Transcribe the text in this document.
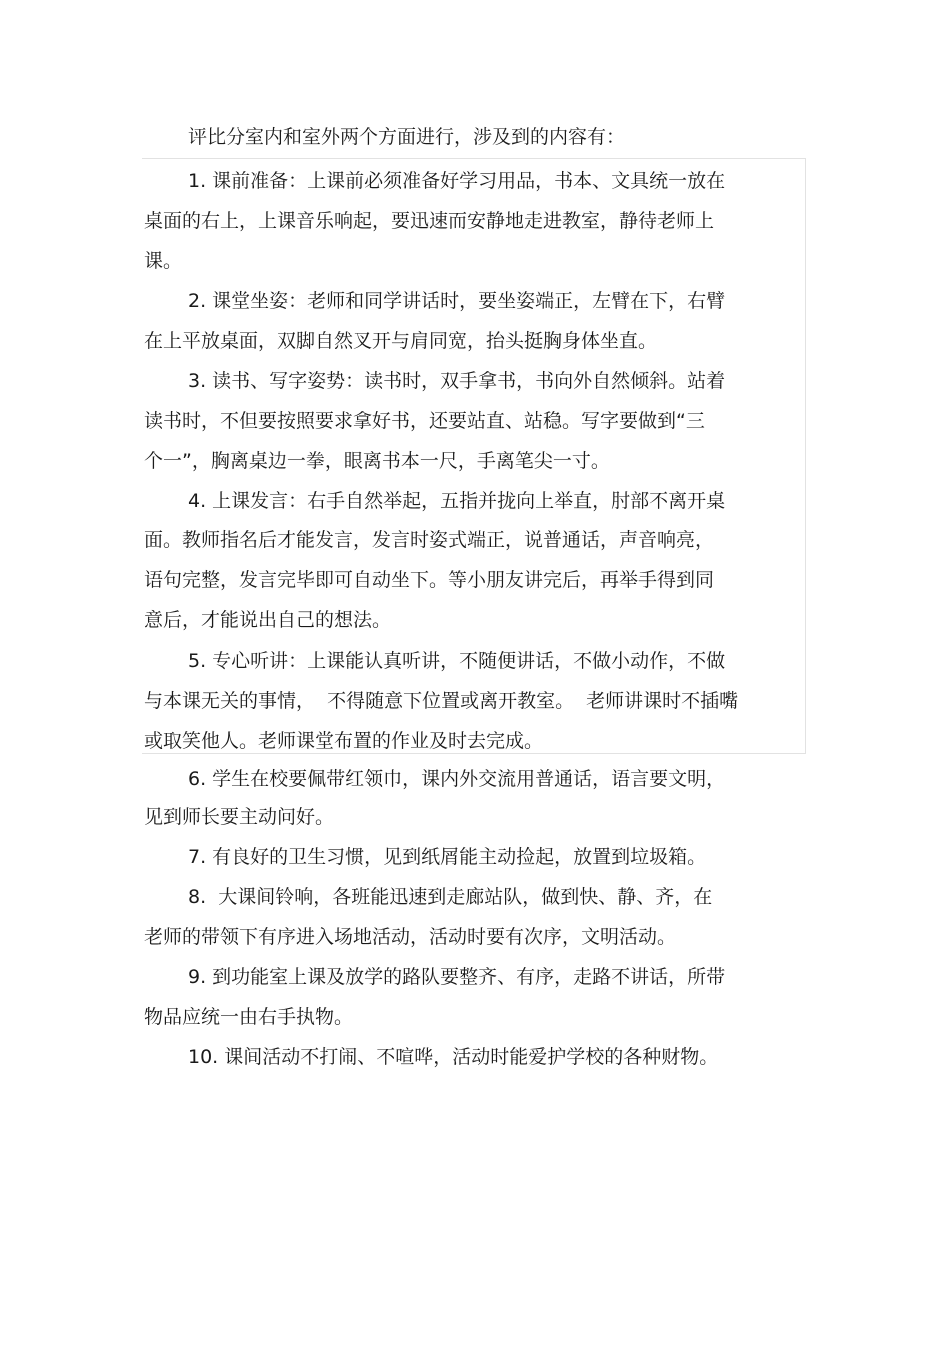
评比分室内和室外两个方面进行，涉及到的内容有：
1. 课前准备：上课前必须准备好学习用品，书本、文具统一放在
桌面的右上，上课音乐响起，要迅速而安静地走进教室，静待老师上
课。
2. 课堂坐姿：老师和同学讲话时，要坐姿端正，左臂在下，右臂
在上平放桌面，双脚自然叉开与肩同宽，抬头挺胸身体坐直。
3. 读书、写字姿势：读书时，双手拿书，书向外自然倾斜。站着
读书时，不但要按照要求拿好书，还要站直、站稳。写字要做到“三
个一”，胸离桌边一拳，眼离书本一尺，手离笔尖一寸。
4. 上课发言：右手自然举起，五指并拢向上举直，肘部不离开桌
面。教师指名后才能发言，发言时姿式端正，说普通话，声音响亮，
语句完整，发言完毕即可自动坐下。等小朋友讲完后，再举手得到同
意后，才能说出自己的想法。
5. 专心听讲：上课能认真听讲，不随便讲话，不做小动作，不做
与本课无关的事情，  不得随意下位置或离开教室。  老师讲课时不插嘴
或取笑他人。老师课堂布置的作业及时去完成。
6. 学生在校要佩带红领巾，课内外交流用普通话，语言要文明，
见到师长要主动问好。
7. 有良好的卫生习惯，见到纸屑能主动捡起，放置到垃圾箱。
8.  大课间铃响，各班能迅速到走廊站队，做到快、静、齐，在
老师的带领下有序进入场地活动，活动时要有次序，文明活动。
9. 到功能室上课及放学的路队要整齐、有序，走路不讲话，所带
物品应统一由右手执物。
10. 课间活动不打闹、不喧哗，活动时能爱护学校的各种财物。
